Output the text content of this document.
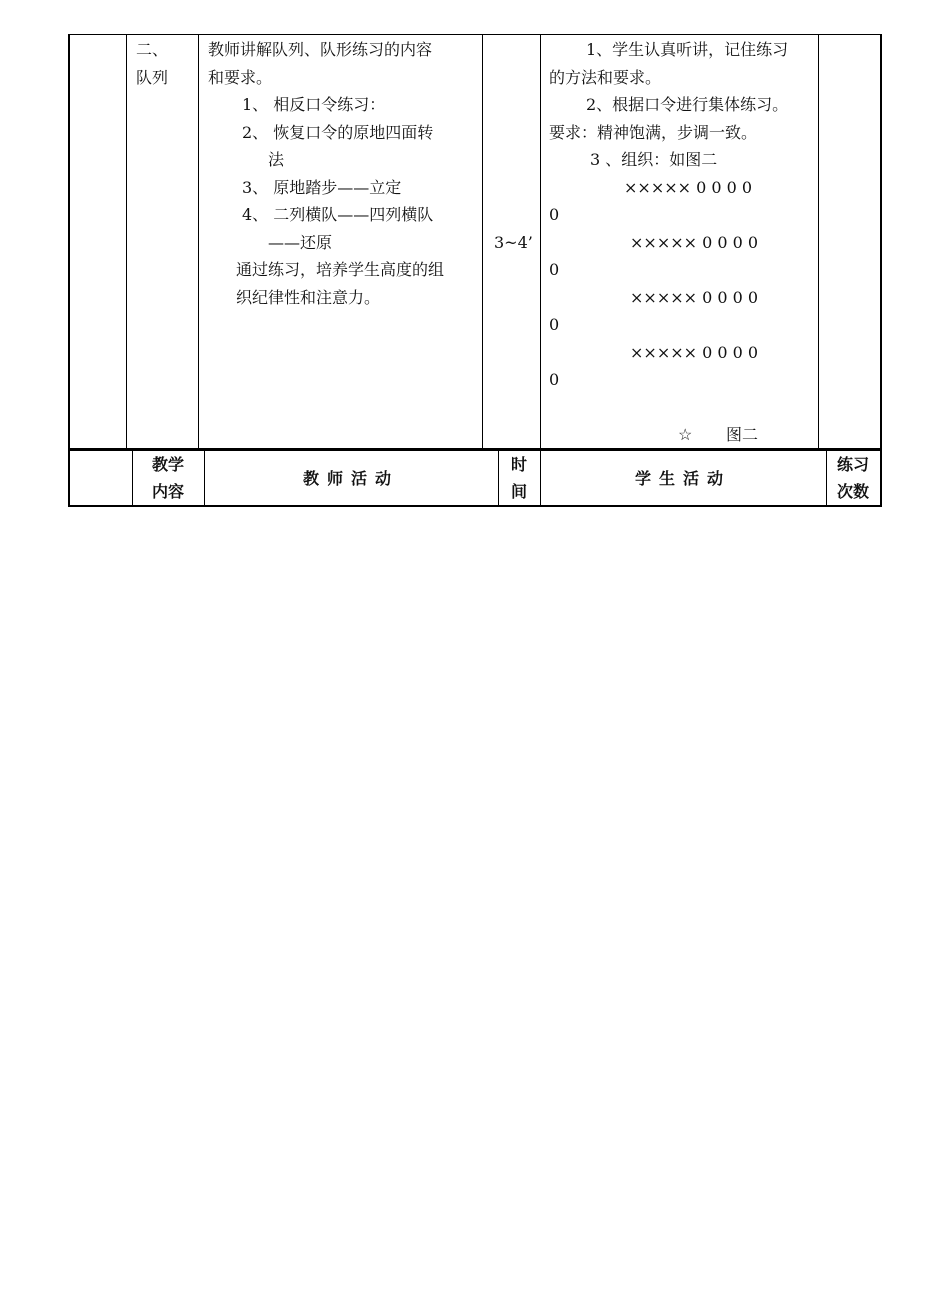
二、
队列
教师讲解队列、队形练习的内容
和要求。
1、 相反口令练习：
2、 恢复口令的原地四面转
法
3、 原地踏步——立定
4、 二列横队——四列横队
——还原
通过练习，培养学生高度的组
织纪律性和注意力。
3~4’
1、学生认真听讲，记住练习
的方法和要求。
2、根据口令进行集体练习。
要求：精神饱满，步调一致。
3 、组织：如图二
××××× 0 0 0 0
0
××××× 0 0 0 0
0
××××× 0 0 0 0
0
××××× 0 0 0 0
0
☆ 图二
教学
内容
教师活动
时
间
学生活动
练习
次数
